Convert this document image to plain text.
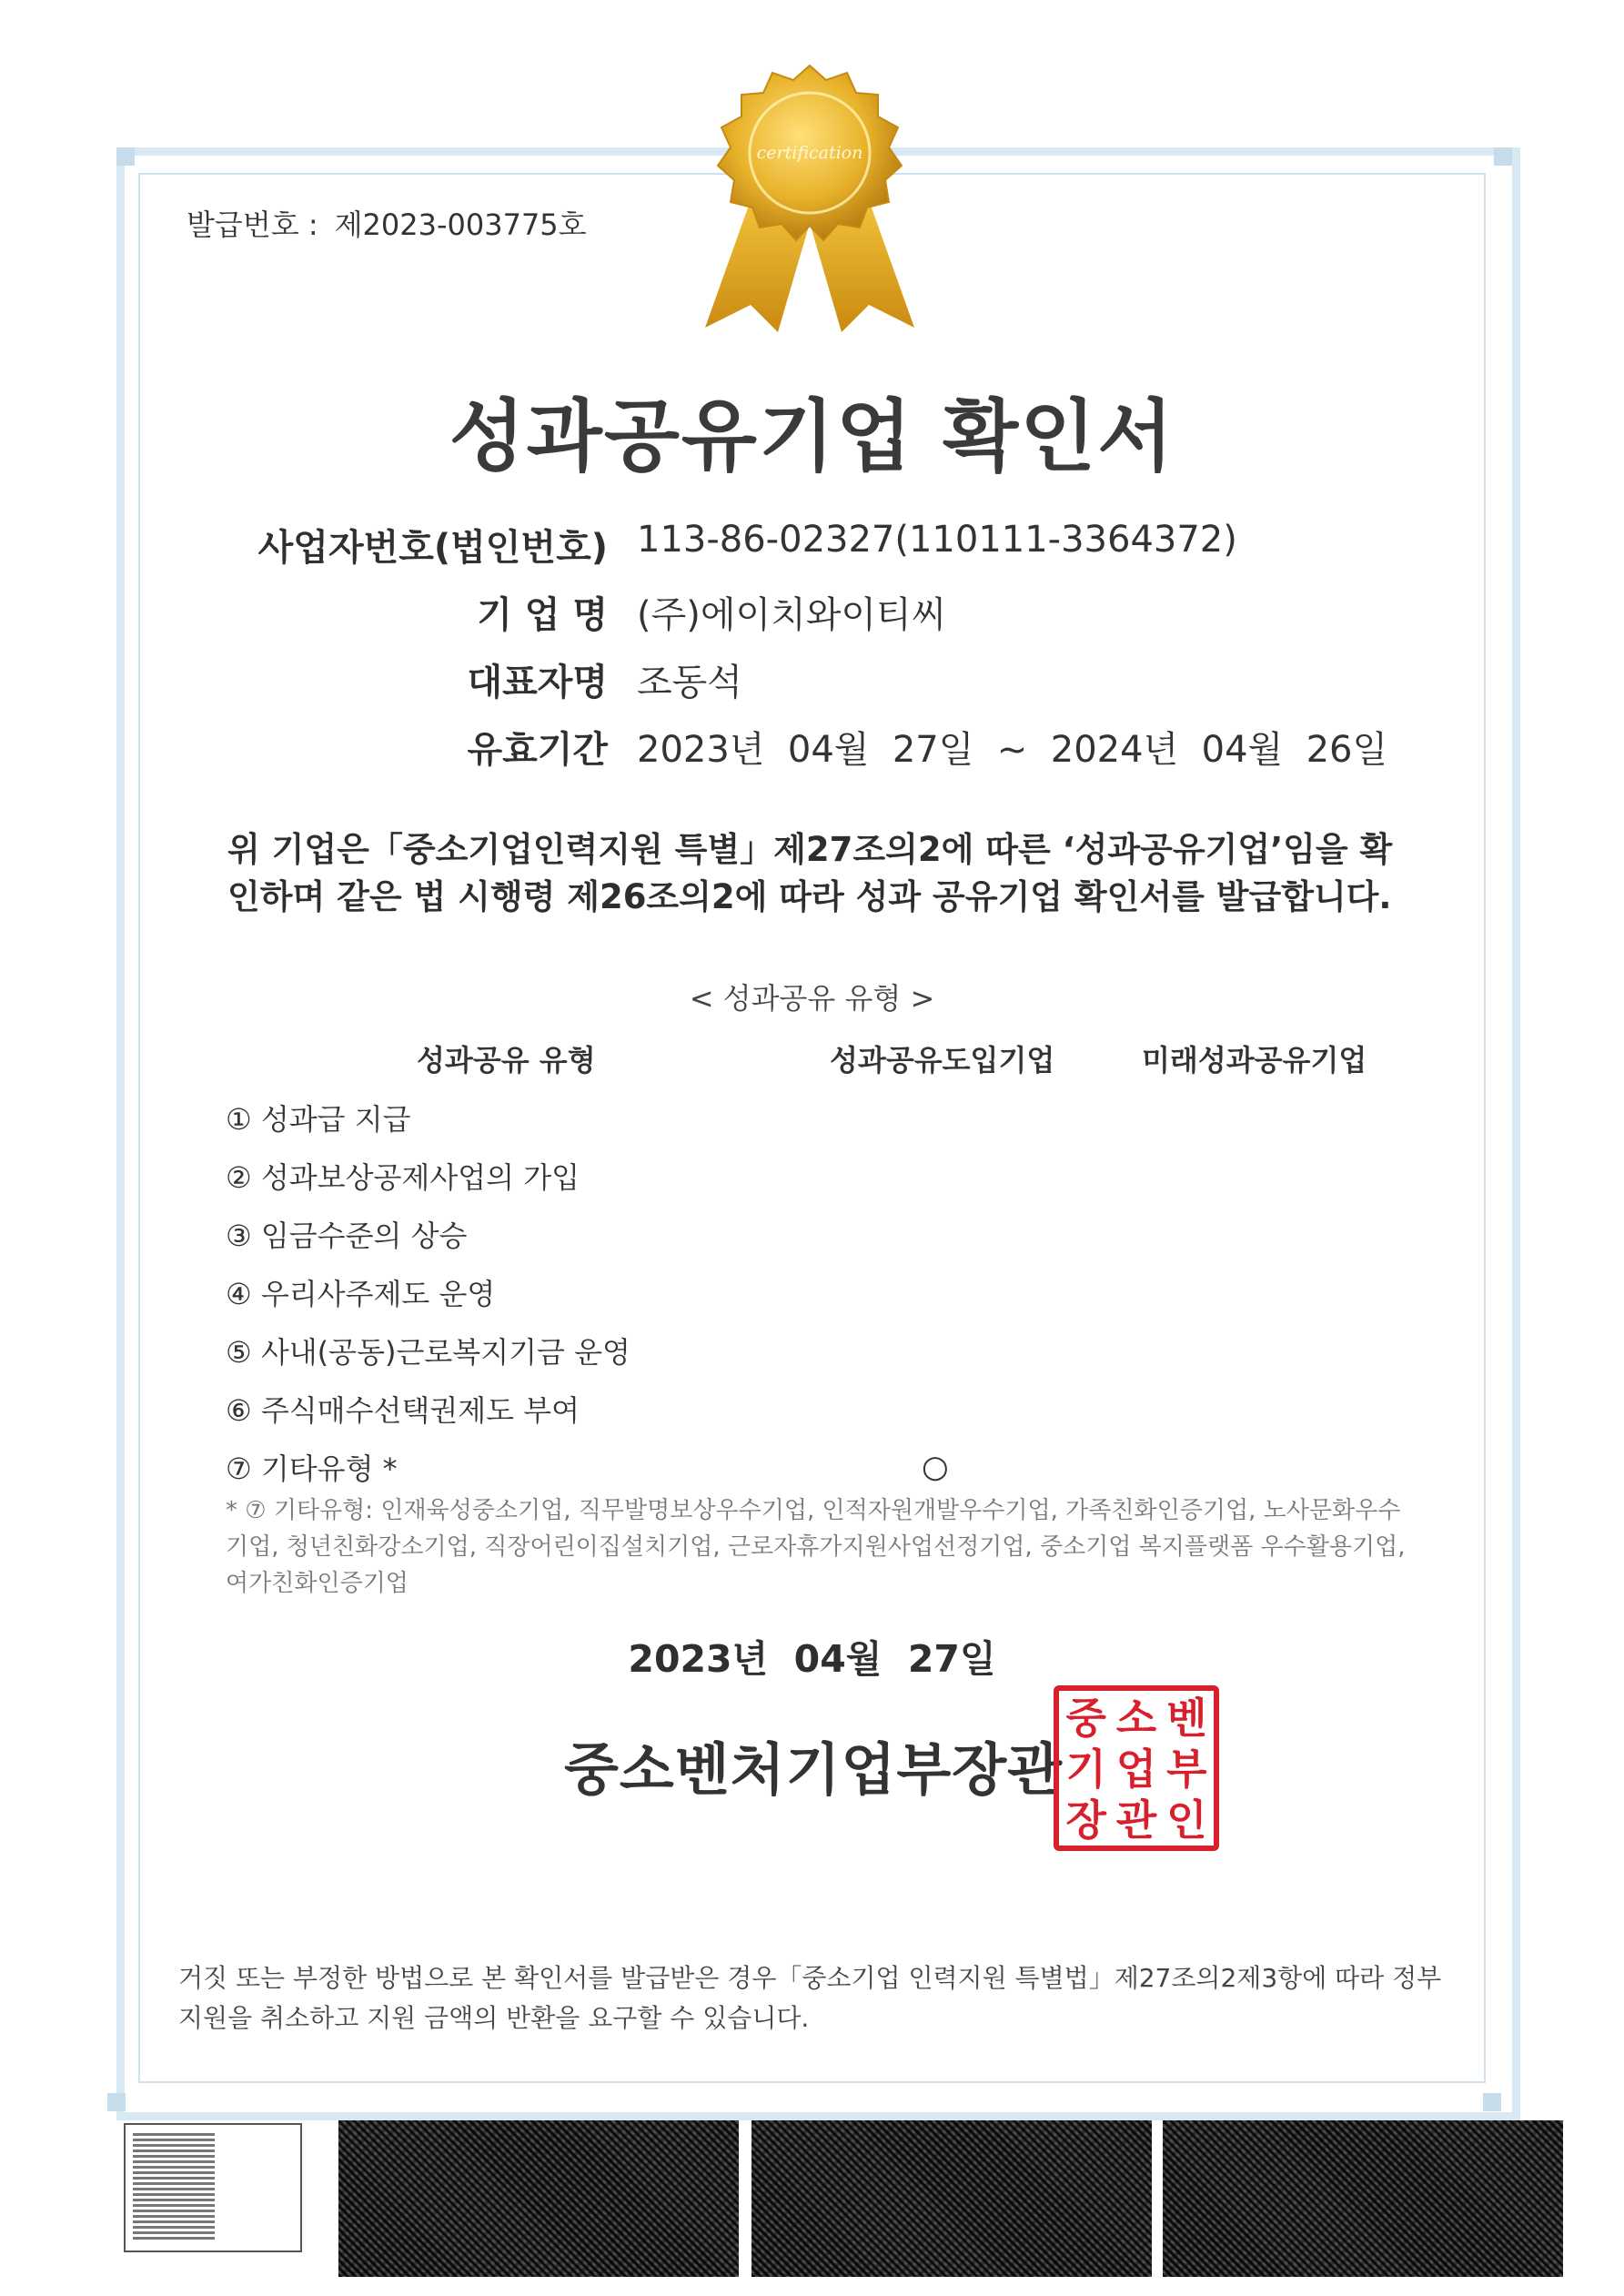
certification
발급번호 : 제2023-003775호
성과공유기업 확인서
사업자번호(법인번호) 113-86-02327(110111-3364372)
기 업 명 (주)에이치와이티씨
대표자명 조동석
유효기간 2023년  04월  27일  ~  2024년  04월  26일
위 기업은「중소기업인력지원 특별」제27조의2에 따른 ‘성과공유기업’임을 확인하며 같은 법 시행령 제26조의2에 따라 성과 공유기업 확인서를 발급합니다.
< 성과공유 유형 >
성과공유 유형	성과공유도입기업	미래성과공유기업
① 성과급 지급
② 성과보상공제사업의 가입
③ 임금수준의 상승
④ 우리사주제도 운영
⑤ 사내(공동)근로복지기금 운영
⑥ 주식매수선택권제도 부여
⑦ 기타유형 *	○
* ⑦ 기타유형: 인재육성중소기업, 직무발명보상우수기업, 인적자원개발우수기업, 가족친화인증기업, 노사문화우수기업, 청년친화강소기업, 직장어린이집설치기업, 근로자휴가지원사업선정기업, 중소기업 복지플랫폼 우수활용기업, 여가친화인증기업
2023년  04월  27일
중소벤처기업부장관
중 소 벤
기 업 부
장 관 인
거짓 또는 부정한 방법으로 본 확인서를 발급받은 경우「중소기업 인력지원 특별법」제27조의2제3항에 따라 정부지원을 취소하고 지원 금액의 반환을 요구할 수 있습니다.
